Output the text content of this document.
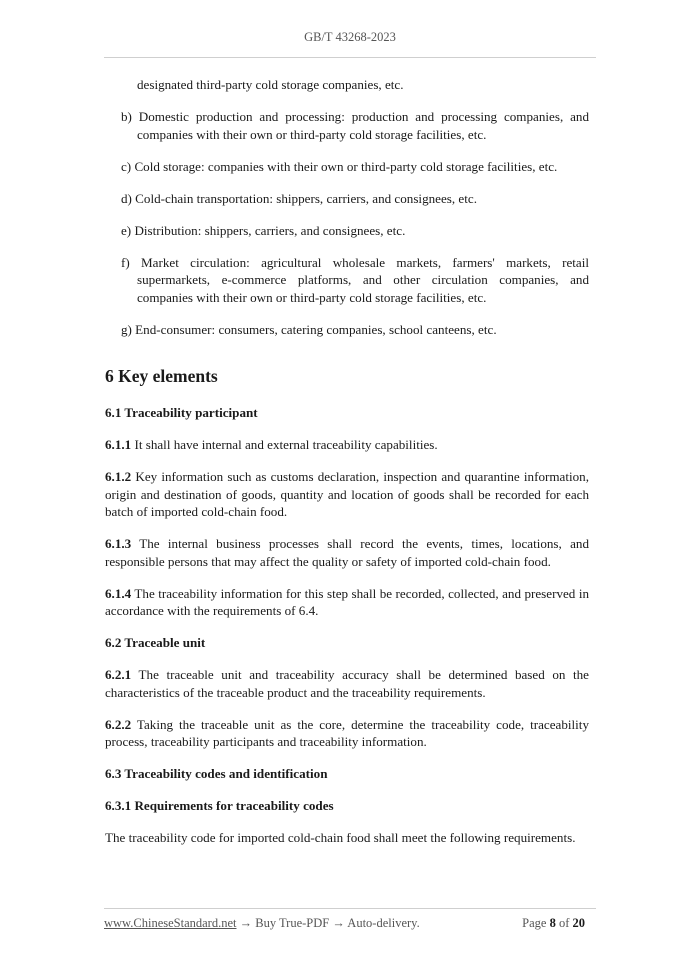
GB/T 43268-2023

designated third-party cold storage companies, etc.

b) Domestic production and processing: production and processing companies, and companies with their own or third-party cold storage facilities, etc.

c) Cold storage: companies with their own or third-party cold storage facilities, etc.

d) Cold-chain transportation: shippers, carriers, and consignees, etc.

e) Distribution: shippers, carriers, and consignees, etc.

f) Market circulation: agricultural wholesale markets, farmers' markets, retail supermarkets, e-commerce platforms, and other circulation companies, and companies with their own or third-party cold storage facilities, etc.

g) End-consumer: consumers, catering companies, school canteens, etc.

6 Key elements
6.1 Traceability participant

6.1.1 It shall have internal and external traceability capabilities.

6.1.2 Key information such as customs declaration, inspection and quarantine information, origin and destination of goods, quantity and location of goods shall be recorded for each batch of imported cold-chain food.

6.1.3 The internal business processes shall record the events, times, locations, and responsible persons that may affect the quality or safety of imported cold-chain food.

6.1.4 The traceability information for this step shall be recorded, collected, and preserved in accordance with the requirements of 6.4.

6.2 Traceable unit

6.2.1 The traceable unit and traceability accuracy shall be determined based on the characteristics of the traceable product and the traceability requirements.

6.2.2 Taking the traceable unit as the core, determine the traceability code, traceability process, traceability participants and traceability information.

6.3 Traceability codes and identification
6.3.1 Requirements for traceability codes

The traceability code for imported cold-chain food shall meet the following requirements.

www.ChineseStandard.net → Buy True-PDF → Auto-delivery.	Page 8 of 20
